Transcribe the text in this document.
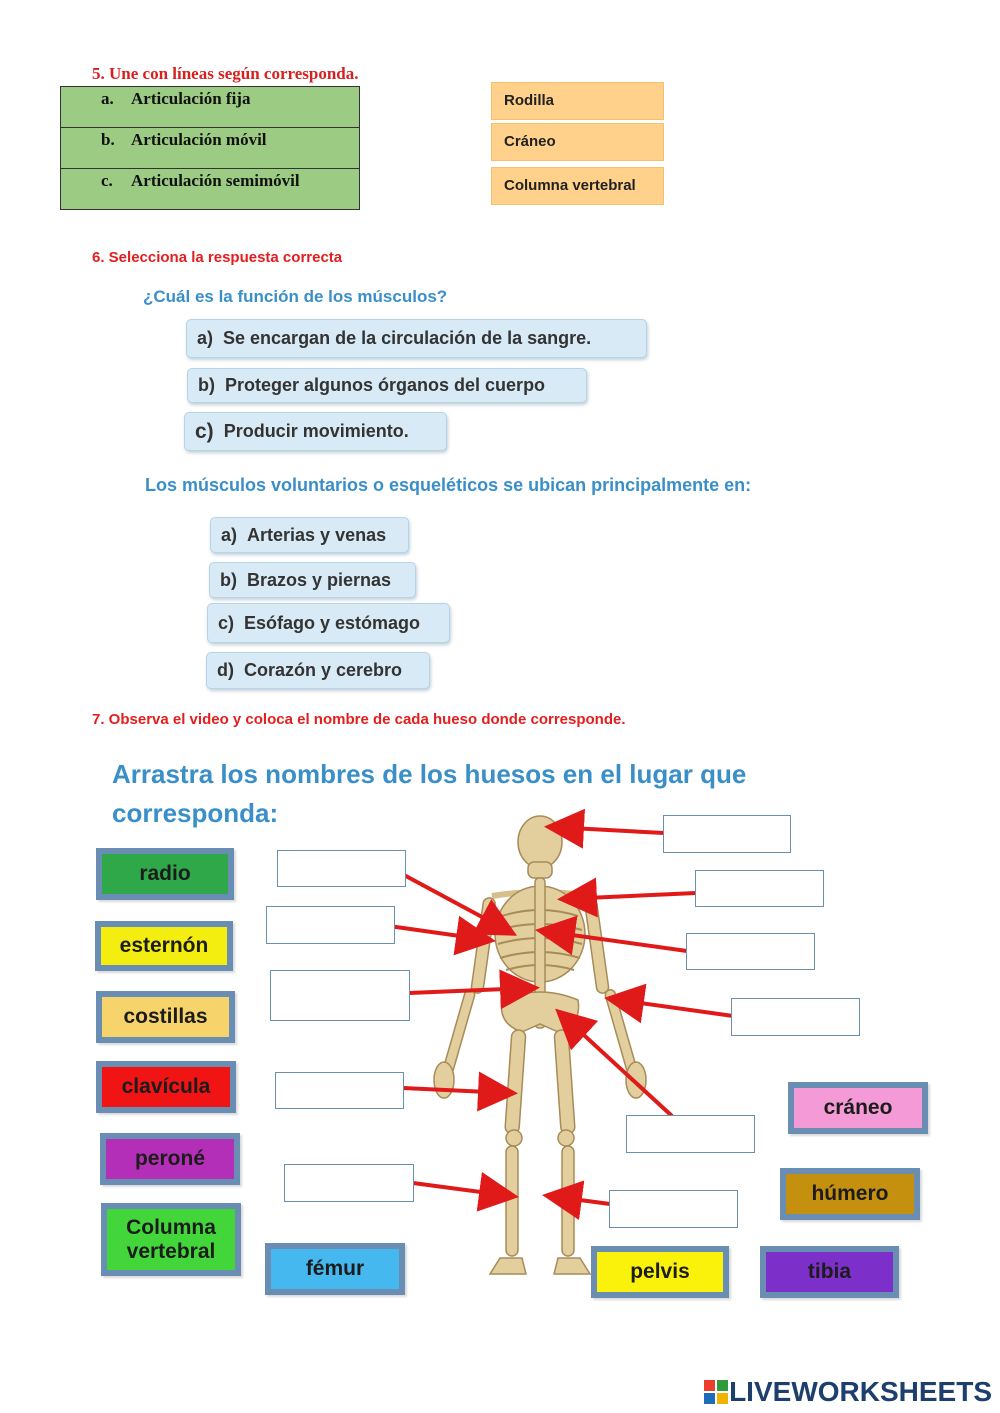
5. Une con líneas según corresponda.
a. Articulación fija
b. Articulación móvil
c. Articulación semimóvil
Rodilla
Cráneo
Columna vertebral
6. Selecciona la respuesta correcta
¿Cuál es la función de los músculos?
a) Se encargan de la circulación de la sangre.
b) Proteger algunos órganos del cuerpo
c) Producir movimiento.
Los músculos voluntarios o esqueléticos se ubican principalmente en:
a) Arterias y venas
b) Brazos y piernas
c) Esófago y estómago
d) Corazón y cerebro
7. Observa el video y coloca el nombre de cada hueso donde corresponde.
Arrastra los nombres de los huesos en el lugar que
corresponda:
radio
esternón
costillas
clavícula
peroné
Columna vertebral
fémur	pelvis	tibia
cráneo
húmero
LIVEWORKSHEETS
